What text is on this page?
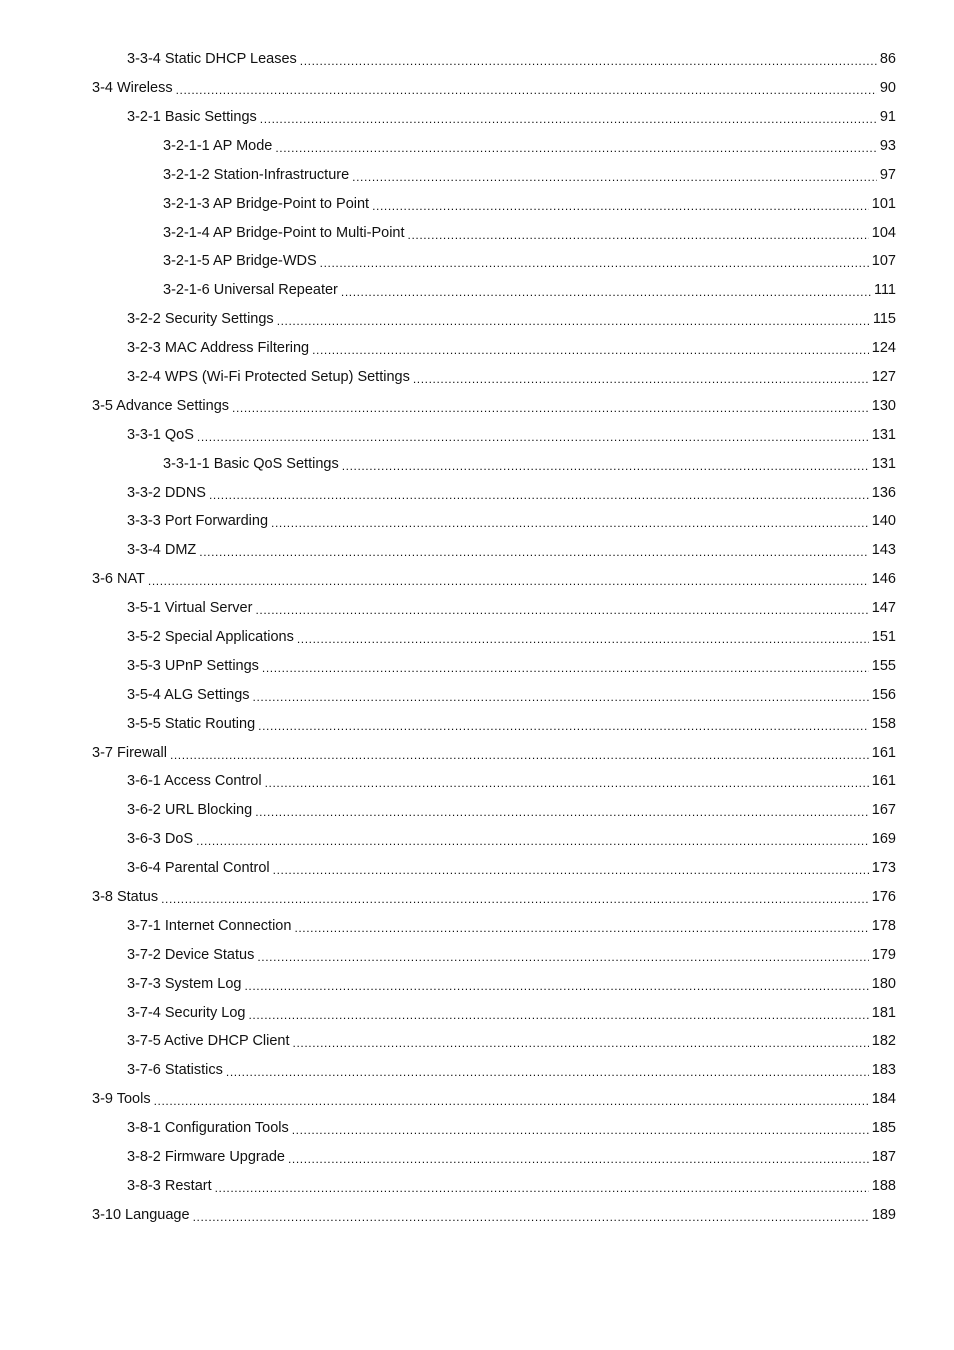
3-3-4 Static DHCP Leases .....	86
3-4 Wireless .....	90
3-2-1 Basic Settings .....	91
3-2-1-1 AP Mode .....	93
3-2-1-2 Station-Infrastructure .....	97
3-2-1-3 AP Bridge-Point to Point .....	101
3-2-1-4 AP Bridge-Point to Multi-Point .....	104
3-2-1-5 AP Bridge-WDS .....	107
3-2-1-6 Universal Repeater .....	111
3-2-2 Security Settings .....	115
3-2-3 MAC Address Filtering .....	124
3-2-4 WPS (Wi-Fi Protected Setup) Settings .....	127
3-5 Advance Settings .....	130
3-3-1 QoS .....	131
3-3-1-1 Basic QoS Settings .....	131
3-3-2 DDNS .....	136
3-3-3 Port Forwarding .....	140
3-3-4 DMZ .....	143
3-6 NAT .....	146
3-5-1 Virtual Server .....	147
3-5-2 Special Applications .....	151
3-5-3 UPnP Settings .....	155
3-5-4 ALG Settings .....	156
3-5-5 Static Routing .....	158
3-7 Firewall .....	161
3-6-1 Access Control .....	161
3-6-2 URL Blocking .....	167
3-6-3 DoS .....	169
3-6-4 Parental Control .....	173
3-8 Status .....	176
3-7-1 Internet Connection .....	178
3-7-2 Device Status .....	179
3-7-3 System Log .....	180
3-7-4 Security Log .....	181
3-7-5 Active DHCP Client .....	182
3-7-6 Statistics .....	183
3-9 Tools .....	184
3-8-1 Configuration Tools .....	185
3-8-2 Firmware Upgrade .....	187
3-8-3 Restart .....	188
3-10 Language .....	189
